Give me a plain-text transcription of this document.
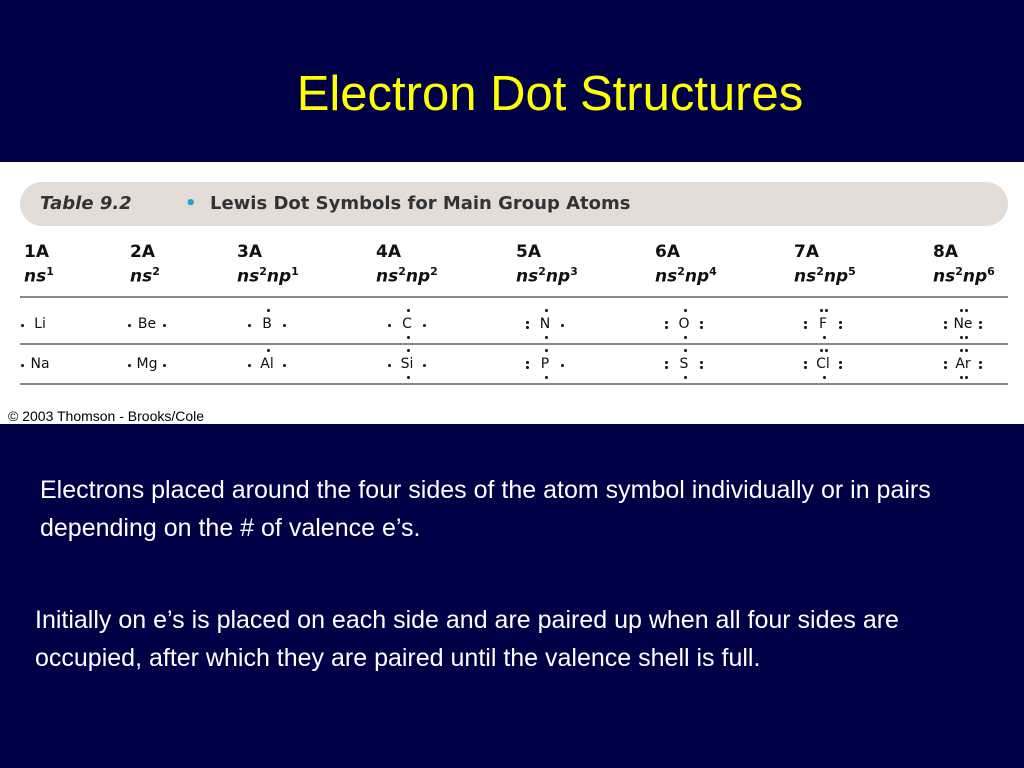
Electron Dot Structures
Table 9.2	• Lewis Dot Symbols for Main Group Atoms
1A
$ns^1$
Li
Na
2A
$ns^2$
Be
Mg
3A
$ns^2np^1$
B
Al
4A
$ns^2np^2$
C
Si
5A
$ns^2np^3$
N
P
6A
$ns^2np^4$
O
S
7A
$ns^2np^5$
F
Cl
8A
$ns^2np^6$
Ne
Ar
© 2003 Thomson - Brooks/Cole
Electrons placed around the four sides of the atom symbol individually or in pairs depending on the # of valence e’s.
Initially on e’s is placed on each side and are paired up when all four sides are occupied, after which they are paired until the valence shell is full.
